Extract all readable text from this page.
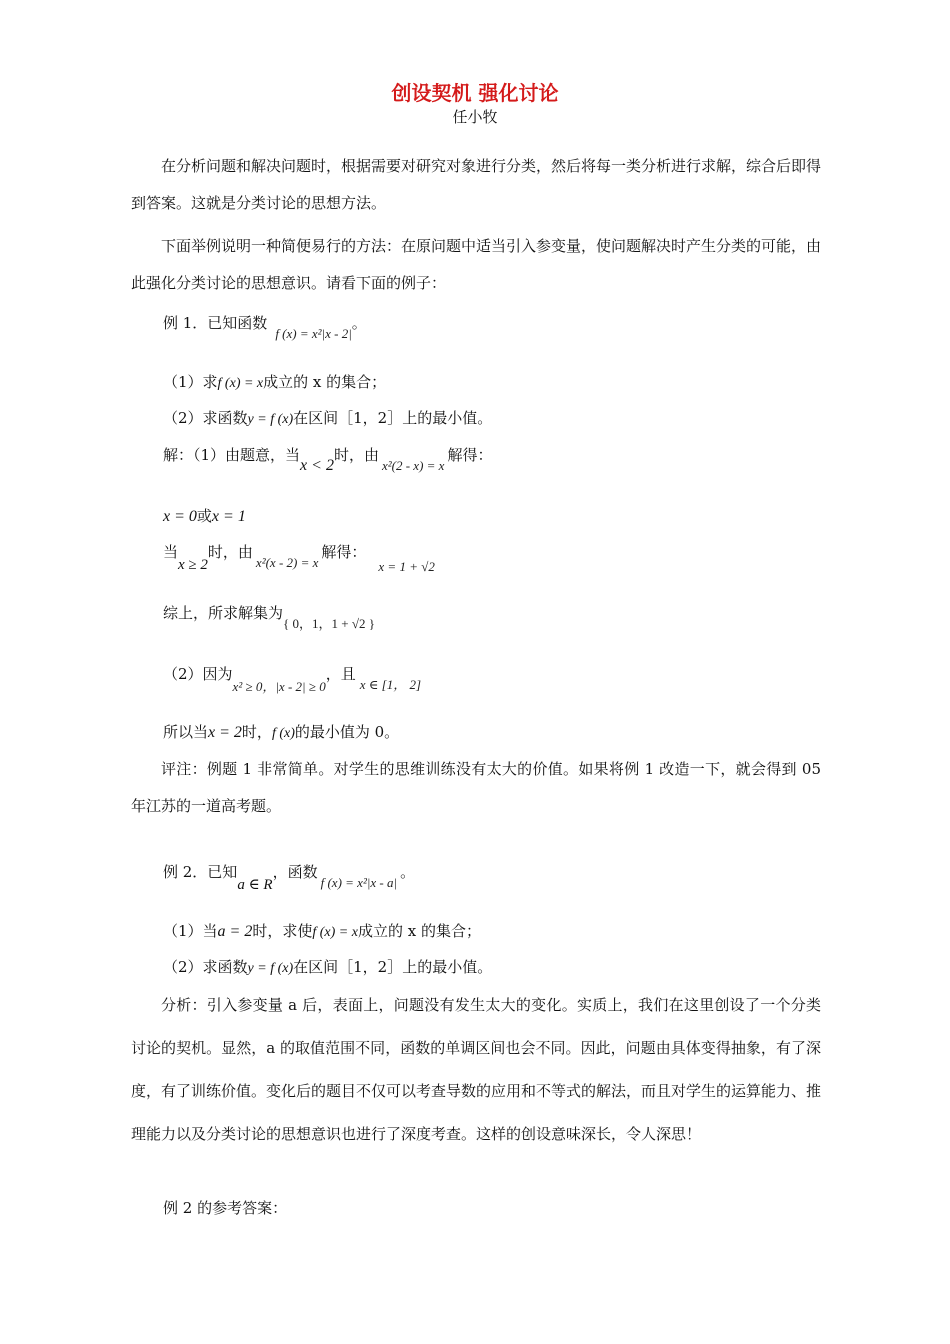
创设契机 强化讨论
任小牧
在分析问题和解决问题时，根据需要对研究对象进行分类，然后将每一类分析进行求解，综合后即得到答案。这就是分类讨论的思想方法。
下面举例说明一种简便易行的方法：在原问题中适当引入参变量，使问题解决时产生分类的可能，由此强化分类讨论的思想意识。请看下面的例子：
例 1．已知函数f (x) = x²|x - 2|。
（1）求f (x) = x成立的 x 的集合；
（2）求函数y = f (x)在区间［1，2］上的最小值。
解：（1）由题意，当x < 2时，由x²(2 - x) = x解得：
x = 0或x = 1
当x ≥ 2时，由x²(x - 2) = x解得：x = 1 + √2
综上，所求解集为{ 0，1，1 + √2 }
（2）因为x² ≥ 0，|x - 2| ≥ 0，且x ∈ [1， 2]
所以当x = 2时，f (x)的最小值为 0。
评注：例题 1 非常简单。对学生的思维训练没有太大的价值。如果将例 1 改造一下，就会得到 05 年江苏的一道高考题。
例 2．已知a ∈ R，函数f (x) = x²|x - a|。
（1）当a = 2时，求使f (x) = x成立的 x 的集合；
（2）求函数y = f (x)在区间［1，2］上的最小值。
分析：引入参变量 a 后，表面上，问题没有发生太大的变化。实质上，我们在这里创设了一个分类讨论的契机。显然，a 的取值范围不同，函数的单调区间也会不同。因此，问题由具体变得抽象，有了深度，有了训练价值。变化后的题目不仅可以考查导数的应用和不等式的解法，而且对学生的运算能力、推理能力以及分类讨论的思想意识也进行了深度考查。这样的创设意味深长，令人深思！
例 2 的参考答案：
